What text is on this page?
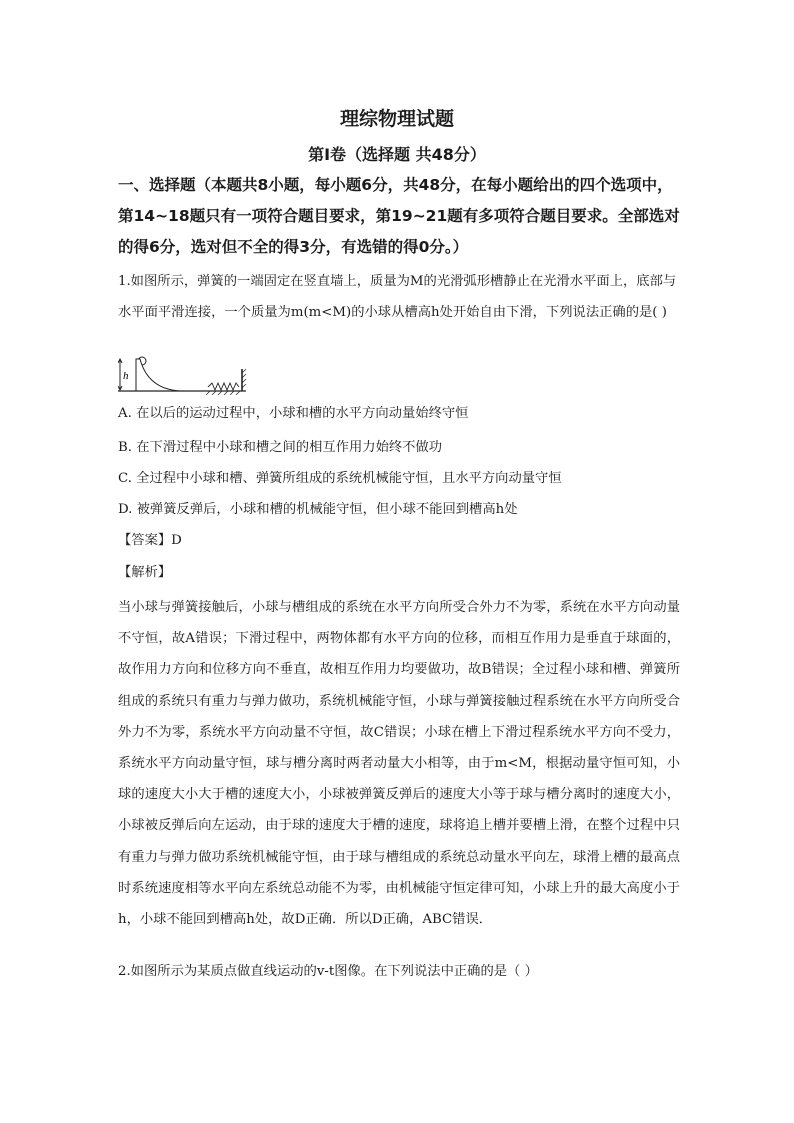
理综物理试题
第I卷（选择题 共48分）
一、选择题（本题共8小题，每小题6分，共48分，在每小题给出的四个选项中，第14~18题只有一项符合题目要求，第19~21题有多项符合题目要求。全部选对的得6分，选对但不全的得3分，有选错的得0分。）
1.如图所示，弹簧的一端固定在竖直墙上，质量为M的光滑弧形槽静止在光滑水平面上，底部与水平面平滑连接，一个质量为m(m<M)的小球从槽高h处开始自由下滑，下列说法正确的是( )
h
A. 在以后的运动过程中，小球和槽的水平方向动量始终守恒
B. 在下滑过程中小球和槽之间的相互作用力始终不做功
C. 全过程中小球和槽、弹簧所组成的系统机械能守恒，且水平方向动量守恒
D. 被弹簧反弹后，小球和槽的机械能守恒，但小球不能回到槽高h处
【答案】D
【解析】
当小球与弹簧接触后，小球与槽组成的系统在水平方向所受合外力不为零，系统在水平方向动量不守恒，故A错误；下滑过程中，两物体都有水平方向的位移，而相互作用力是垂直于球面的，故作用力方向和位移方向不垂直，故相互作用力均要做功，故B错误；全过程小球和槽、弹簧所组成的系统只有重力与弹力做功，系统机械能守恒，小球与弹簧接触过程系统在水平方向所受合外力不为零，系统水平方向动量不守恒，故C错误；小球在槽上下滑过程系统水平方向不受力，系统水平方向动量守恒，球与槽分离时两者动量大小相等，由于m<M，根据动量守恒可知，小球的速度大小大于槽的速度大小，小球被弹簧反弹后的速度大小等于球与槽分离时的速度大小，小球被反弹后向左运动，由于球的速度大于槽的速度，球将追上槽并要槽上滑，在整个过程中只有重力与弹力做功系统机械能守恒，由于球与槽组成的系统总动量水平向左，球滑上槽的最高点时系统速度相等水平向左系统总动能不为零，由机械能守恒定律可知，小球上升的最大高度小于h，小球不能回到槽高h处，故D正确．所以D正确，ABC错误．
2.如图所示为某质点做直线运动的v-t图像。在下列说法中正确的是（ ）
